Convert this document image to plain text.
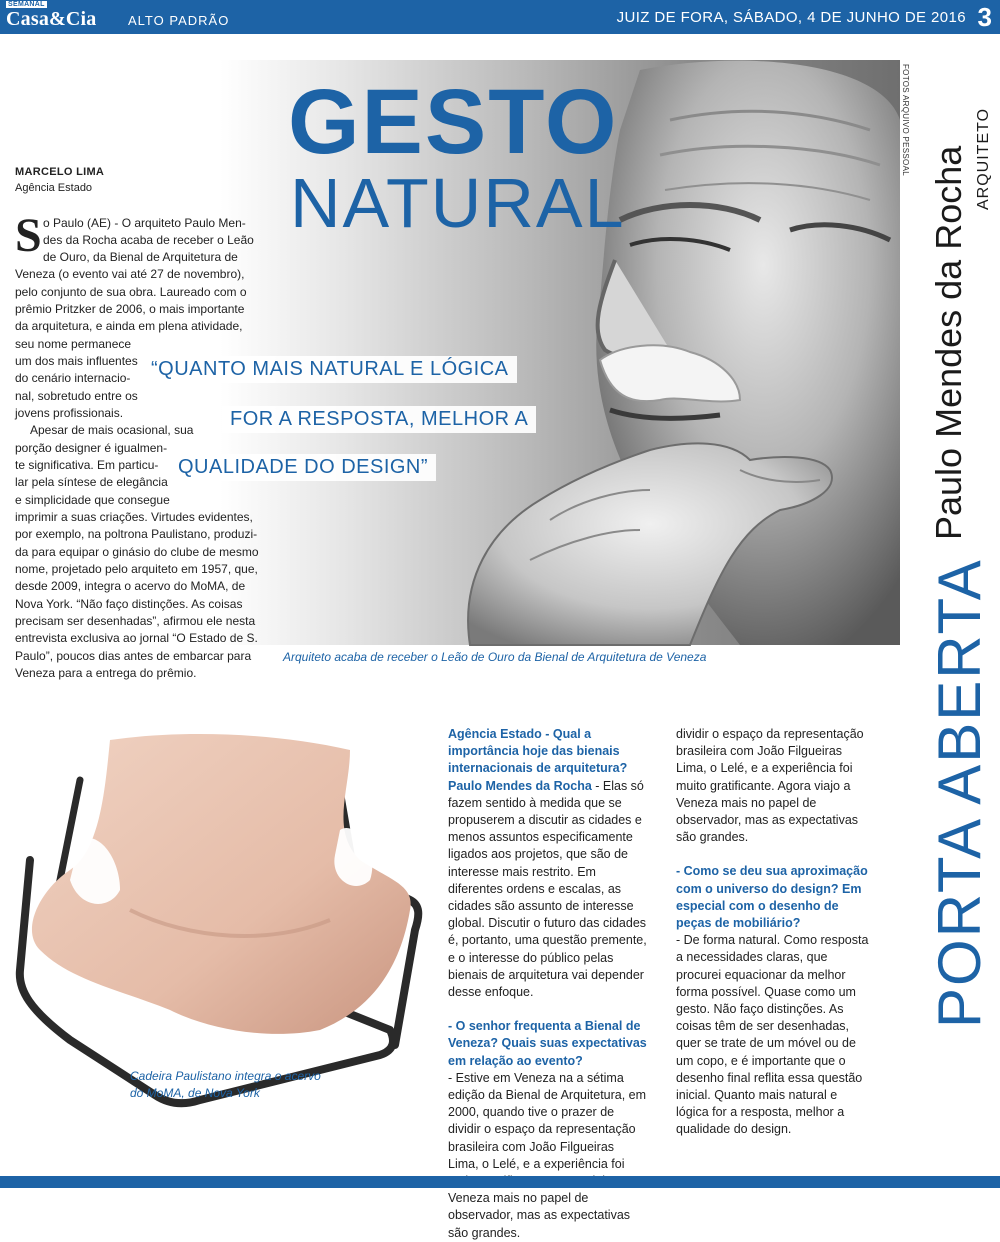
SEMANAL
Casa&Cia ALTO PADRÃO	JUIZ DE FORA, SÁBADO, 4 DE JUNHO DE 2016 3
GESTO
NATURAL
“QUANTO MAIS NATURAL E LÓGICA
FOR A RESPOSTA, MELHOR A
QUALIDADE DO DESIGN”
FOTOS ARQUIVO PESSOAL
Paulo Mendes da Rocha ARQUITETO
PORTA ABERTA
MARCELO LIMA
Agência Estado
S o Paulo (AE) - O arquiteto Paulo Men-
des da Rocha acaba de receber o Leão
de Ouro, da Bienal de Arquitetura de
Veneza (o evento vai até 27 de novembro),
pelo conjunto de sua obra. Laureado com o
prêmio Pritzker de 2006, o mais importante
da arquitetura, e ainda em plena atividade,
seu nome permanece
um dos mais influentes
do cenário internacio-
nal, sobretudo entre os
jovens profissionais.
Apesar de mais ocasional, sua
porção designer é igualmen-
te significativa. Em particu-
lar pela síntese de elegância
e simplicidade que consegue
imprimir a suas criações. Virtudes evidentes,
por exemplo, na poltrona Paulistano, produzi-
da para equipar o ginásio do clube de mesmo
nome, projetado pelo arquiteto em 1957, que,
desde 2009, integra o acervo do MoMA, de
Nova York. “Não faço distinções. As coisas
precisam ser desenhadas”, afirmou ele nesta
entrevista exclusiva ao jornal “O Estado de S.
Paulo”, poucos dias antes de embarcar para
Veneza para a entrega do prêmio.
Arquiteto acaba de receber o Leão de Ouro da Bienal de Arquitetura de Veneza
Cadeira Paulistano integra o acervo
do MoMA, de Nova York

Agência Estado - Qual a importância hoje das bienais internacionais de arquitetura?

Paulo Mendes da Rocha - Elas só fazem sentido à medida que se propuserem a discutir as cidades e menos assuntos especificamente ligados aos projetos, que são de interesse mais restrito. Em diferentes ordens e escalas, as cidades são assunto de interesse global. Discutir o futuro das cidades é, portanto, uma questão premente, e o interesse do público pelas bienais de arquitetura vai depender desse enfoque.

- O senhor frequenta a Bienal de Veneza? Quais suas expectativas em relação ao evento?

- Estive em Veneza na a sétima edição da Bienal de Arquitetura, em 2000, quando tive o prazer de dividir o espaço da representação brasileira com João Filgueiras Lima, o Lelé, e a experiência foi Veneza mais no papel de observador, mas as expectativas são grandes.

dividir o espaço da representação brasileira com João Filgueiras Lima, o Lelé, e a experiência foi muito gratificante. Agora viajo a Veneza mais no papel de observador, mas as expectativas são grandes.

- Como se deu sua aproximação com o universo do design? Em especial com o desenho de peças de mobiliário?

- De forma natural. Como resposta a necessidades claras, que procurei equacionar da melhor forma possível. Quase como um gesto. Não faço distinções. As coisas têm de ser desenhadas, quer se trate de um móvel ou de um copo, e é importante que o desenho final reflita essa questão inicial. Quanto mais natural e lógica for a resposta, melhor a qualidade do design.
